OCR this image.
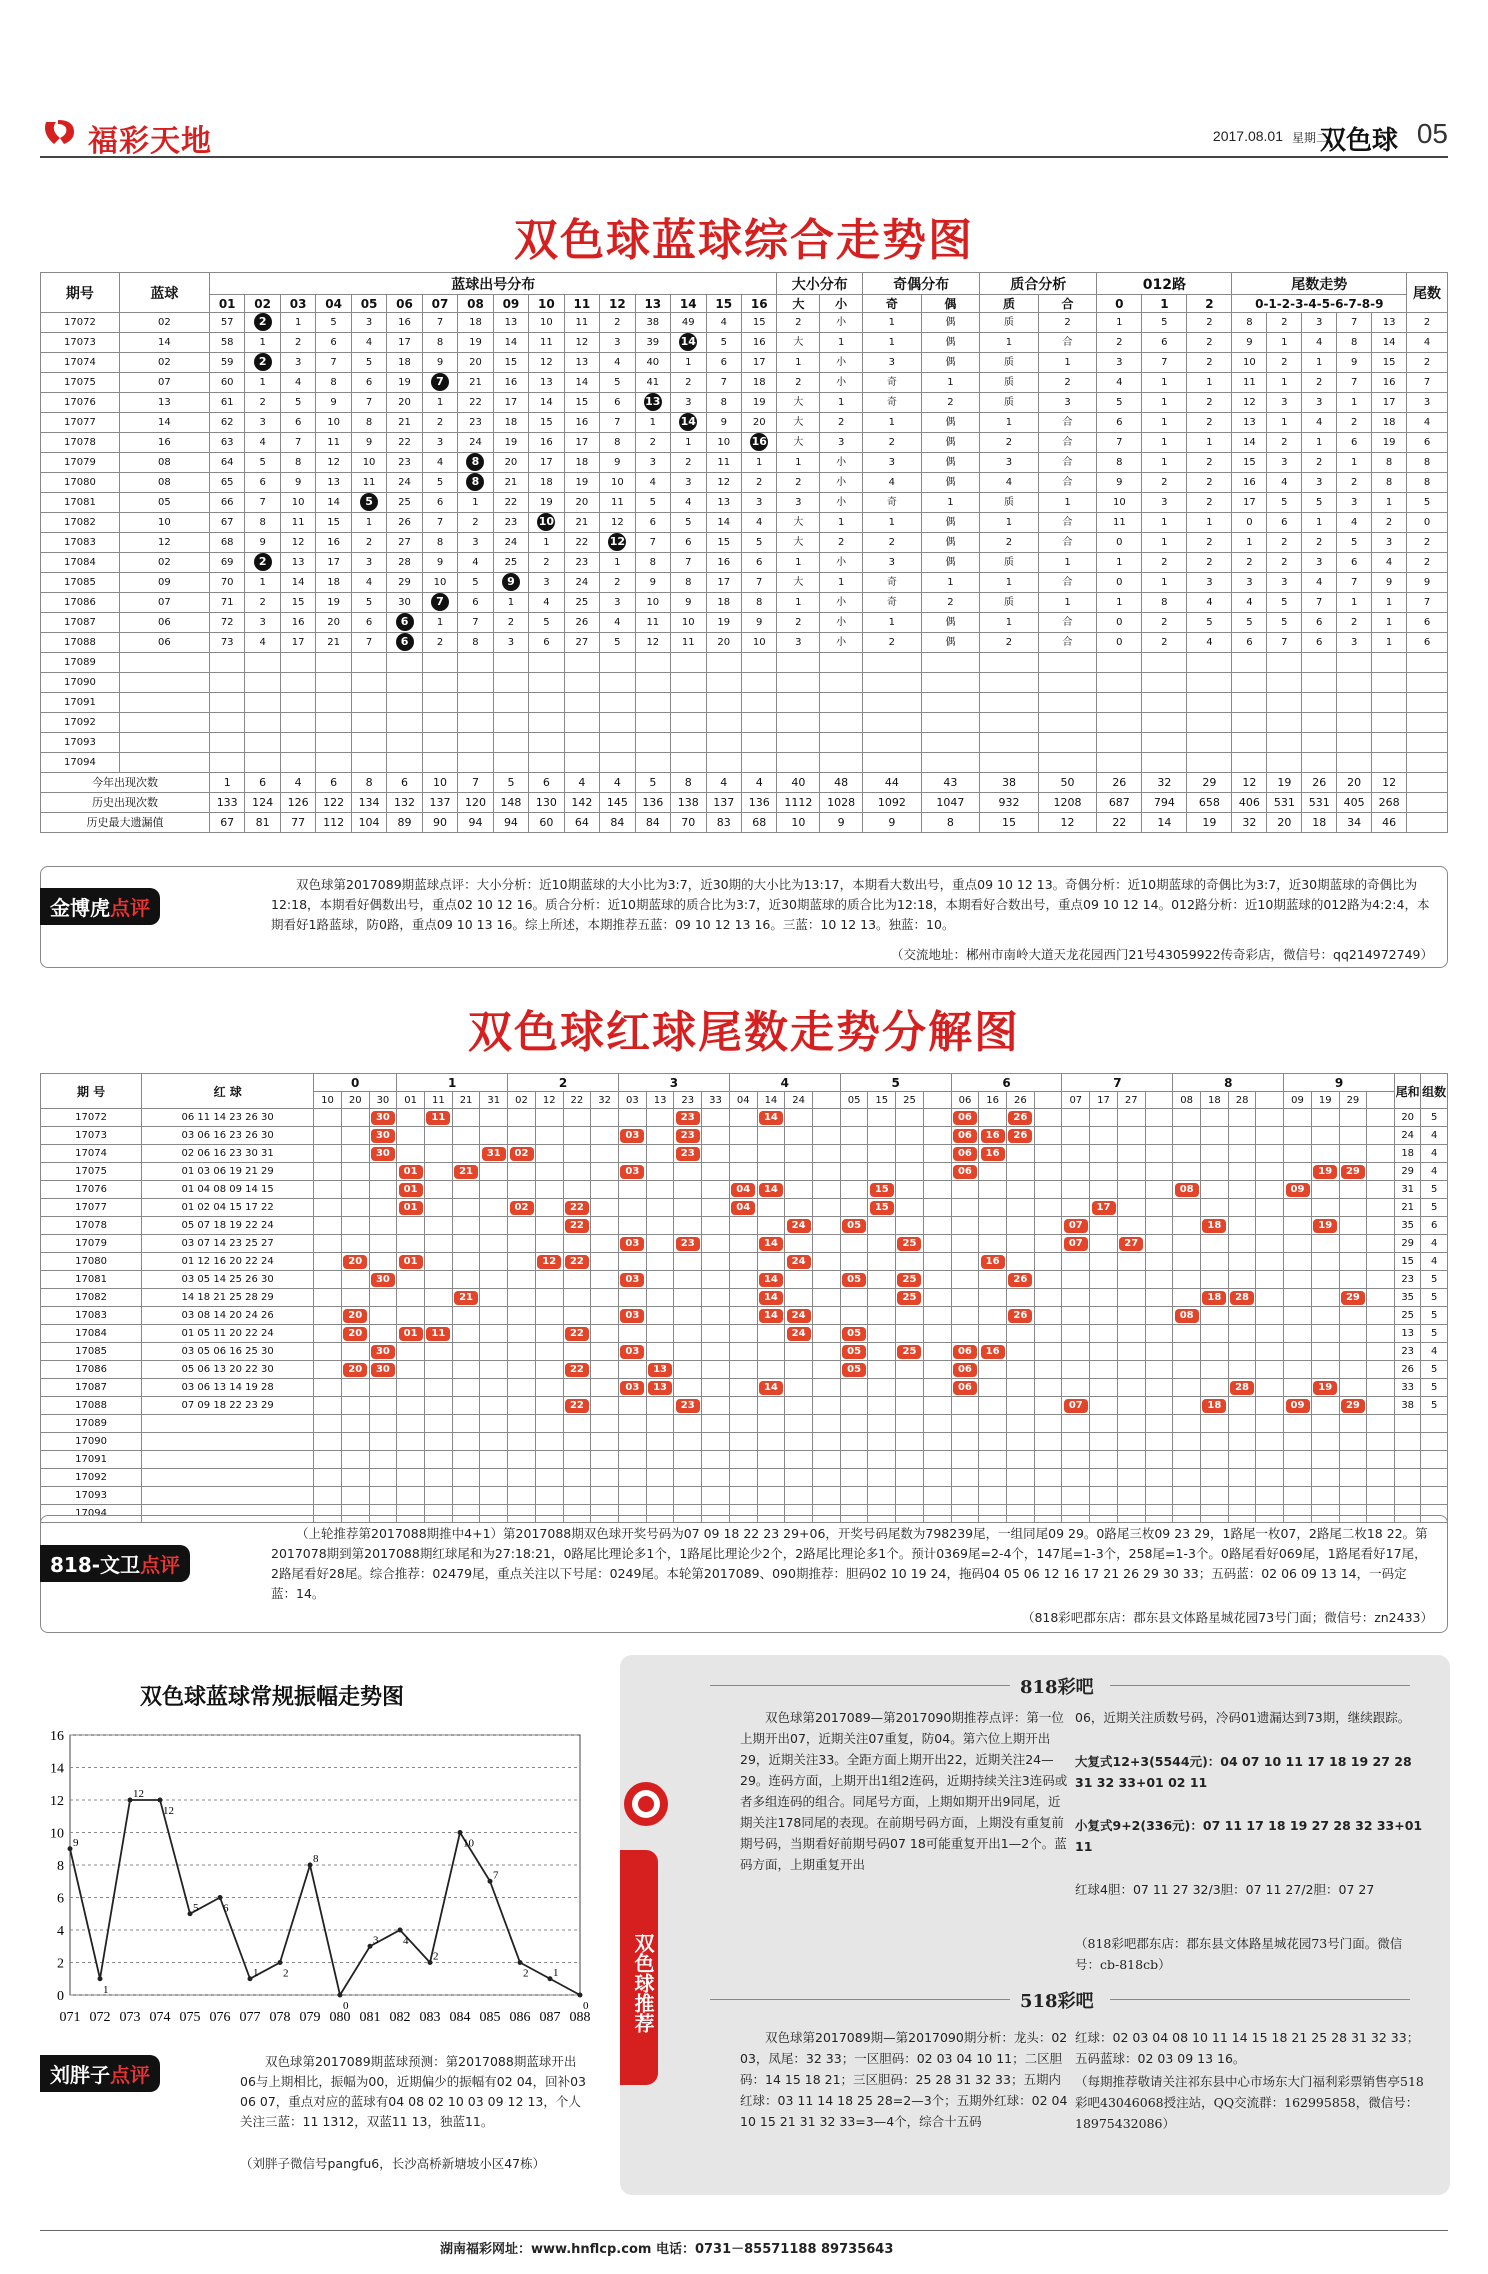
福彩天地	2017.08.01 星期二
双色球 05
双色球蓝球综合走势图
期号	蓝球	蓝球出号分布																大小分布		奇偶分布		质合分析		012路			尾数走势					尾数
		01	02	03	04	05	06	07	08	09	10	11	12	13	14	15	16	大	小	奇	偶	质	合	0	1	2	0-1-2-3-4-5-6-7-8-9					
17072	02	57	2	1	5	3	16	7	18	13	10	11	2	38	49	4	15	2	小	1	偶	质	2	1	5	2	8	2	3	7	13	2
17073	14	58	1	2	6	4	17	8	19	14	11	12	3	39	14	5	16	大	1	1	偶	1	合	2	6	2	9	1	4	8	14	4
17074	02	59	2	3	7	5	18	9	20	15	12	13	4	40	1	6	17	1	小	3	偶	质	1	3	7	2	10	2	1	9	15	2
17075	07	60	1	4	8	6	19	7	21	16	13	14	5	41	2	7	18	2	小	奇	1	质	2	4	1	1	11	1	2	7	16	7
17076	13	61	2	5	9	7	20	1	22	17	14	15	6	13	3	8	19	大	1	奇	2	质	3	5	1	2	12	3	3	1	17	3
17077	14	62	3	6	10	8	21	2	23	18	15	16	7	1	14	9	20	大	2	1	偶	1	合	6	1	2	13	1	4	2	18	4
17078	16	63	4	7	11	9	22	3	24	19	16	17	8	2	1	10	16	大	3	2	偶	2	合	7	1	1	14	2	1	6	19	6
17079	08	64	5	8	12	10	23	4	8	20	17	18	9	3	2	11	1	1	小	3	偶	3	合	8	1	2	15	3	2	1	8	8
17080	08	65	6	9	13	11	24	5	8	21	18	19	10	4	3	12	2	2	小	4	偶	4	合	9	2	2	16	4	3	2	8	8
17081	05	66	7	10	14	5	25	6	1	22	19	20	11	5	4	13	3	3	小	奇	1	质	1	10	3	2	17	5	5	3	1	5
17082	10	67	8	11	15	1	26	7	2	23	10	21	12	6	5	14	4	大	1	1	偶	1	合	11	1	1	0	6	1	4	2	0
17083	12	68	9	12	16	2	27	8	3	24	1	22	12	7	6	15	5	大	2	2	偶	2	合	0	1	2	1	2	2	5	3	2
17084	02	69	2	13	17	3	28	9	4	25	2	23	1	8	7	16	6	1	小	3	偶	质	1	1	2	2	2	2	3	6	4	2
17085	09	70	1	14	18	4	29	10	5	9	3	24	2	9	8	17	7	大	1	奇	1	1	合	0	1	3	3	3	4	7	9	9
17086	07	71	2	15	19	5	30	7	6	1	4	25	3	10	9	18	8	1	小	奇	2	质	1	1	8	4	4	5	7	1	1	7
17087	06	72	3	16	20	6	6	1	7	2	5	26	4	11	10	19	9	2	小	1	偶	1	合	0	2	5	5	5	6	2	1	6
17088	06	73	4	17	21	7	6	2	8	3	6	27	5	12	11	20	10	3	小	2	偶	2	合	0	2	4	6	7	6	3	1	6
17089																																
17090																																
17091																																
17092																																
17093																																
17094																																
今年出现次数		1	6	4	6	8	6	10	7	5	6	4	4	5	8	4	4	40	48	44	43	38	50	26	32	29	12	19	26	20	12	
历史出现次数		133	124	126	122	134	132	137	120	148	130	142	145	136	138	137	136	1112	1028	1092	1047	932	1208	687	794	658	406	531	531	405	268	
历史最大遗漏值		67	81	77	112	104	89	90	94	94	60	64	84	84	70	83	68	10	9	9	8	15	12	22	14	19	32	20	18	34	46	

双色球第2017089期蓝球点评：大小分析：近10期蓝球的大小比为3:7，近30期的大小比为13:17，本期看大数出号，重点09 10 12 13。奇偶分析：近10期蓝球的奇偶比为3:7，近30期蓝球的奇偶比为12:18，本期看好偶数出号，重点02 10 12 16。质合分析：近10期蓝球的质合比为3:7，近30期蓝球的质合比为12:18，本期看好合数出号，重点09 10 12 14。012路分析：近10期蓝球的012路为4:2:4，本期看好1路蓝球，防0路，重点09 10 13 16。综上所述，本期推荐五蓝：09 10 12 13 16。三蓝：10 12 13。独蓝：10。

（交流地址：郴州市南岭大道天龙花园西门21号43059922传奇彩店，微信号：qq214972749）

金博虎点评
双色球红球尾数走势分解图
期 号	红 球	0			1				2				3				4				5				6				7				8				9				尾和	组数
		10	20	30	01	11	21	31	02	12	22	32	03	13	23	33	04	14	24		05	15	25		06	16	26		07	17	27		08	18	28		09	19	29			
17072	06 11 14 23 26 30			30		11									23			14							06		26														20	5
17073	03 06 16 23 26 30			30									03		23										06	16	26														24	4
17074	02 06 16 23 30 31			30				31	02						23										06	16															18	4
17075	01 03 06 19 21 29				01		21						03												06													19	29		29	4
17076	01 04 08 09 14 15				01												04	14				15											08				09				31	5
17077	01 02 04 15 17 22				01				02		22						04					15								17											21	5
17078	05 07 18 19 22 24										22								24		05								07					18				19			35	6
17079	03 07 14 23 25 27												03		23			14					25						07		27										29	4
17080	01 12 16 20 22 24		20		01					12	22								24							16															15	4
17081	03 05 14 25 26 30			30									03					14			05		25				26														23	5
17082	14 18 21 25 28 29						21											14					25											18	28				29		35	5
17083	03 08 14 20 24 26		20										03					14	24								26						08								25	5
17084	01 05 11 20 22 24		20		01	11					22								24		05																				13	5
17085	03 05 06 16 25 30			30									03								05		25		06	16															23	4
17086	05 06 13 20 22 30		20	30							22			13							05				06																26	5
17087	03 06 13 14 19 28												03	13				14							06										28			19			33	5
17088	07 09 18 22 23 29										22				23														07					18			09		29		38	5
17089																																										
17090																																										
17091																																										
17092																																										
17093																																										
17094																																										

（上轮推荐第2017088期推中4+1）第2017088期双色球开奖号码为07 09 18 22 23 29+06，开奖号码尾数为798239尾，一组同尾09 29。0路尾三枚09 23 29，1路尾一枚07，2路尾二枚18 22。第2017078期到第2017088期红球尾和为27:18:21，0路尾比理论多1个，1路尾比理论少2个，2路尾比理论多1个。预计0369尾=2-4个，147尾=1-3个，258尾=1-3个。0路尾看好069尾，1路尾看好17尾，2路尾看好28尾。综合推荐：02479尾，重点关注以下号尾：0249尾。本轮第2017089、090期推荐：胆码02 10 19 24，拖码04 05 06 12 16 17 21 26 29 30 33；五码蓝：02 06 09 13 14，一码定蓝：14。

（818彩吧郡东店：郡东县文体路星城花园73号门面；微信号：zn2433）

818-文卫点评
双色球蓝球常规振幅走势图
0
2
4
6
8
10
12
14
16
9
071
1
072
12
073
12
074
5
075
6
076
1
077
2
078
8
079
0
080
3
081
4
082
2
083
10
084
7
085
2
086
1
087
0
088

双色球第2017089期蓝球预测：第2017088期蓝球开出06与上期相比，振幅为00，近期偏少的振幅有02 04，回补03 06 07，重点对应的蓝球有04 08 02 10 03 09 12 13，个人关注三蓝：11 1312，双蓝11 13，独蓝11。

（刘胖子微信号pangfu6，长沙高桥新塘坡小区47栋）

刘胖子点评
818彩吧
双色球第2017089—第2017090期推荐点评：第一位上期开出07，近期关注07重复，防04。第六位上期开出29，近期关注33。全距方面上期开出22，近期关注24—29。连码方面，上期开出1组2连码，近期持续关注3连码或者多组连码的组合。同尾号方面，上期如期开出9同尾，近期关注178同尾的表现。在前期号码方面，上期没有重复前期号码，当期看好前期号码07 18可能重复开出1—2个。蓝码方面，上期重复开出
06，近期关注质数号码，冷码01遗漏达到73期，继续跟踪。
大复式12+3(5544元)：04 07 10 11 17 18 19 27 28 31 32 33+01 02 11
小复式9+2(336元)：07 11 17 18 19 27 28 32 33+01 11
红球4胆：07 11 27 32/3胆：07 11 27/2胆：07 27
（818彩吧郡东店：郡东县文体路星城花园73号门面。微信号：cb-818cb）
518彩吧
双色球第2017089期—第2017090期分析：龙头：02 03，凤尾：32 33；一区胆码：02 03 04 10 11；二区胆码：14 15 18 21；三区胆码：25 28 31 32 33；五期内红球：03 11 14 18 25 28=2—3个；五期外红球：02 04 10 15 21 31 32 33=3—4个，综合十五码
红球：02 03 04 08 10 11 14 15 18 21 25 28 31 32 33；五码蓝球：02 03 09 13 16。
（每期推荐敬请关注祁东县中心市场东大门福利彩票销售亭518彩吧43046068授注站，QQ交流群：162995858，微信号：18975432086）
双色球推荐
湖南福彩网址：www.hnflcp.com 电话：0731－85571188 89735643
